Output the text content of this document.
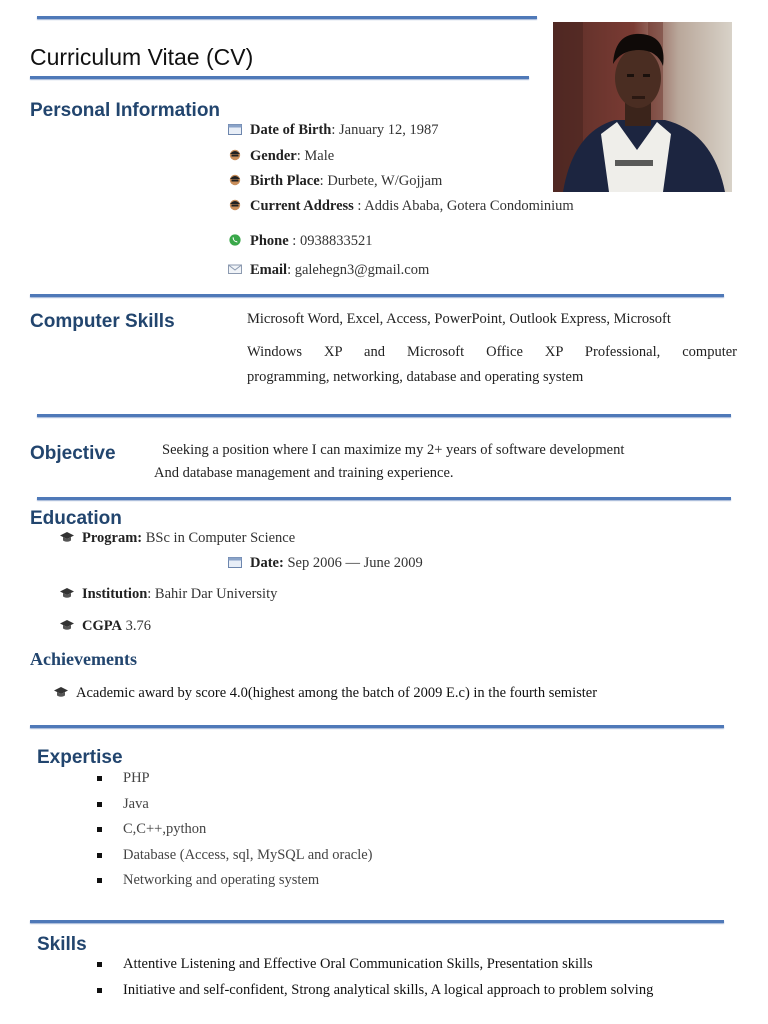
Curriculum Vitae (CV)
Personal Information
Date of Birth: January 12, 1987
Gender: Male
Birth Place: Durbete, W/Gojjam
Current Address : Addis Ababa, Gotera Condominium
Phone : 0938833521
Email: galehegn3@gmail.com
Computer Skills	Microsoft Word, Excel, Access, PowerPoint, Outlook Express, Microsoft
Windows XP and Microsoft Office XP Professional, computer
programming, networking, database and operating system
Objective	Seeking a position where I can maximize my 2+ years of software development
And database management and training experience.
Education
Program: BSc in Computer Science
Date: Sep 2006 — June 2009
Institution: Bahir Dar University
CGPA 3.76
Achievements
Academic award by score 4.0(highest among the batch of 2009 E.c) in the fourth semister
Expertise
PHP
Java
C,C++,python
Database (Access, sql, MySQL and oracle)
Networking and operating system
Skills
Attentive Listening and Effective Oral Communication Skills, Presentation skills
Initiative and self-confident, Strong analytical skills, A logical approach to problem solving
